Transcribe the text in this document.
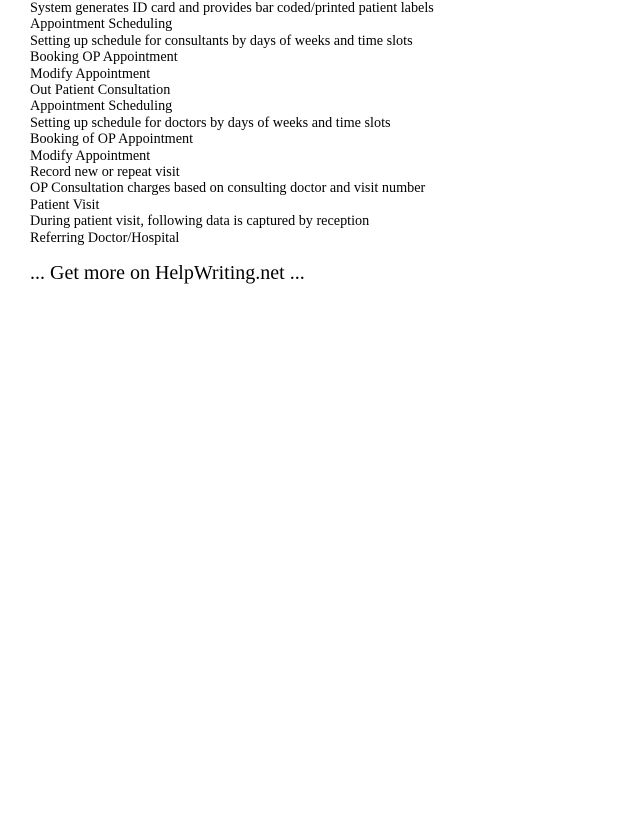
System generates ID card and provides bar coded/printed patient labels
Appointment Scheduling
Setting up schedule for consultants by days of weeks and time slots
Booking OP Appointment
Modify Appointment
Out Patient Consultation
Appointment Scheduling
Setting up schedule for doctors by days of weeks and time slots
Booking of OP Appointment
Modify Appointment
Record new or repeat visit
OP Consultation charges based on consulting doctor and visit number
Patient Visit
During patient visit, following data is captured by reception
Referring Doctor/Hospital
... Get more on HelpWriting.net ...
